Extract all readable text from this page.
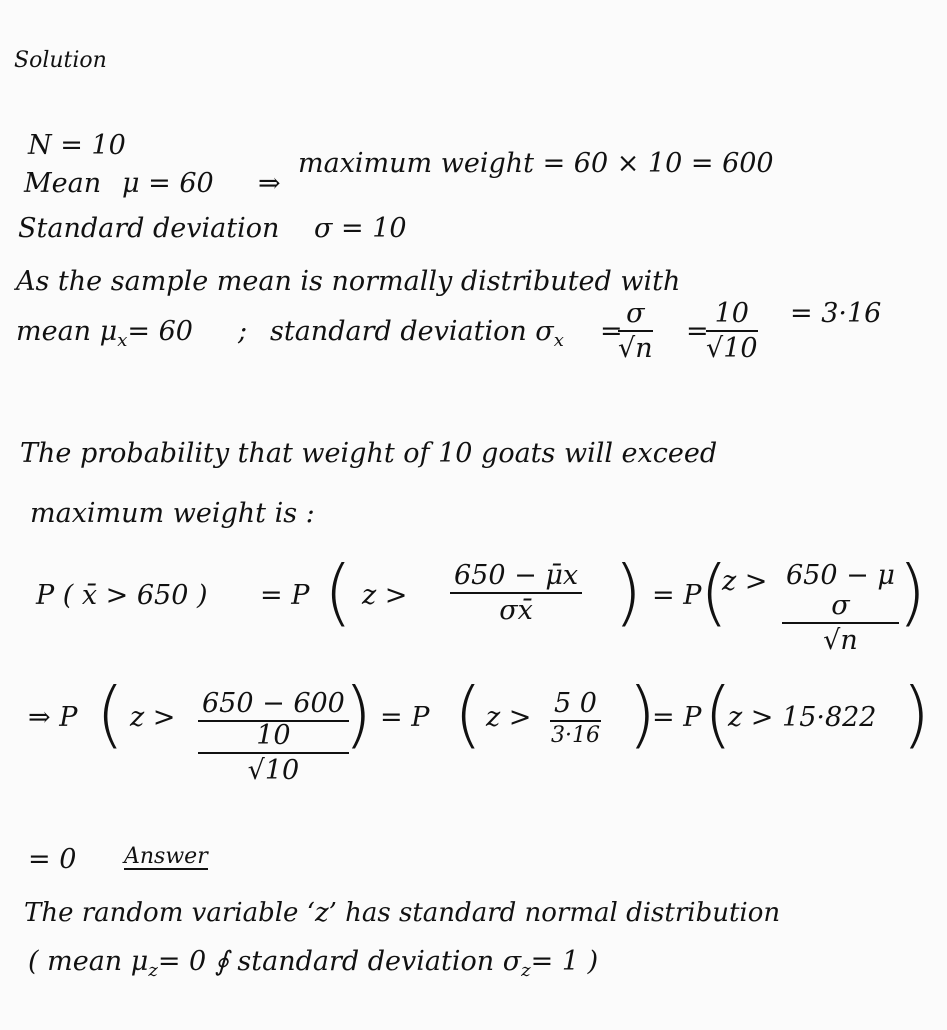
Solution
N = 10
Mean μ = 60 ⇒
maximum weight = 60 × 10 = 600
Standard deviation σ = 10
As the sample mean is normally distributed with
mean $\mu_x= 60$ ; standard deviation $\sigma_x$ =
$\frac{\sigma}{√n}$ =
$\frac{10}{√10} = 3\cdot 16$
The probability that weight of 10 goats will exceed
maximum weight is :
P ( x̄ > 650 ) = P ( $z > \frac{650 - \mūx}{\sigma x̄}$ ) = P
(
z > 650 − μ
σ
√n
)
⇒ P ( z > 650 − 600
10
√10
) = P ( z > 5 0
3·16 )
= P (
z > 15·822 )
= 0 Answer
The random variable ‘z’ has standard normal distribution
( mean $\mu_z= 0$ ∮ standard deviation $\sigma_z= 1$ )
